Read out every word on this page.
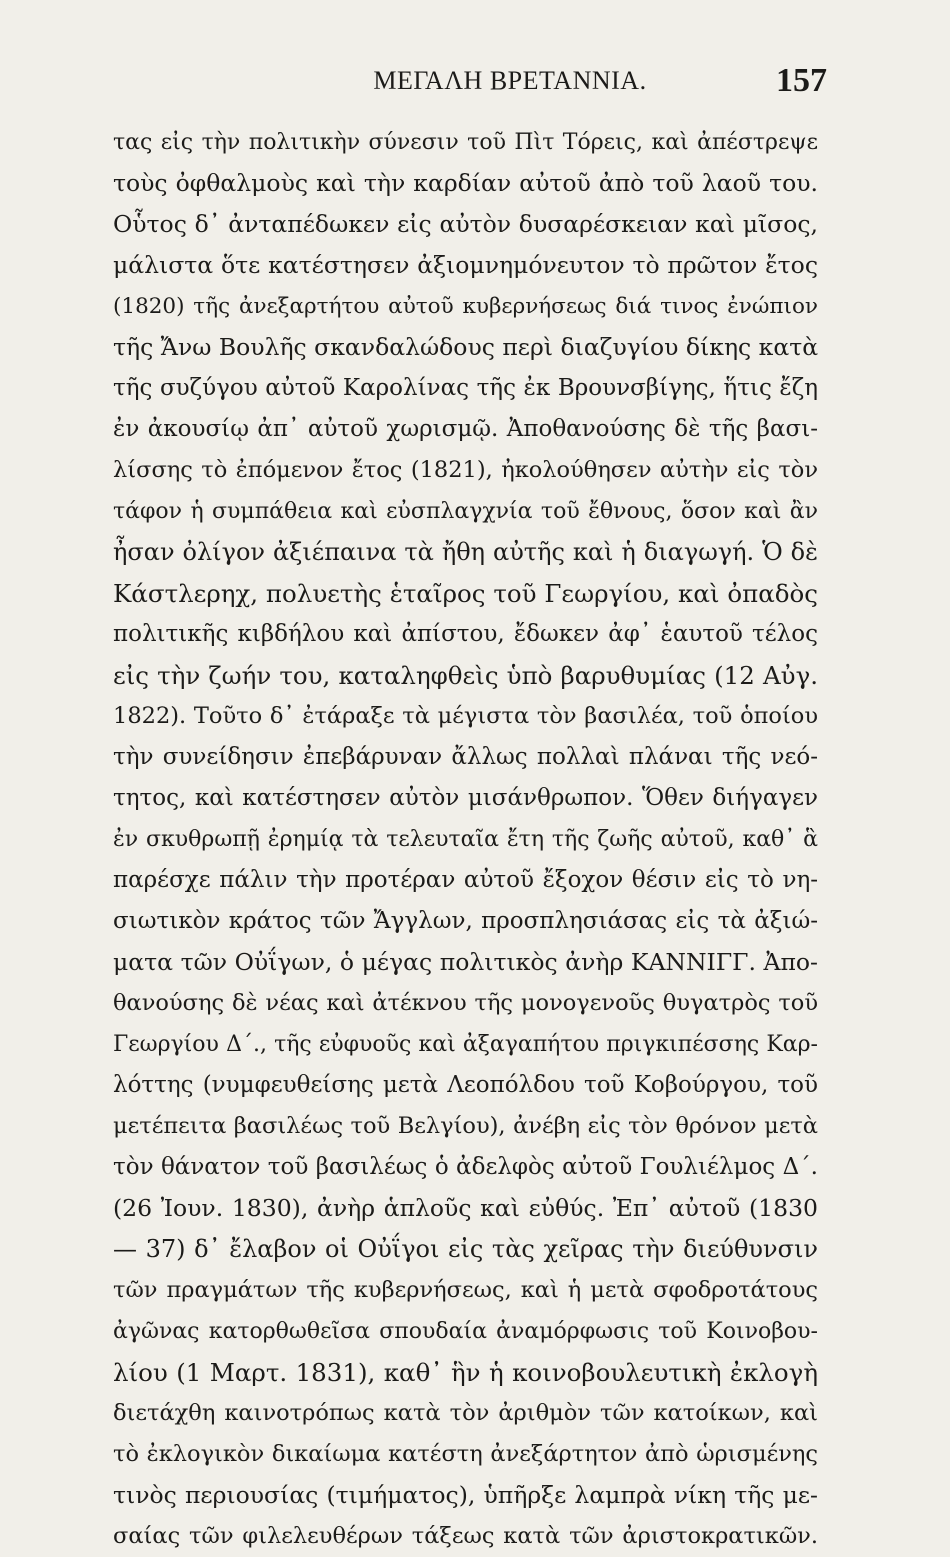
ΜΕΓΑΛΗ ΒΡΕΤΑΝΝΙΑ.	157
τας εἰς τὴν πολιτικὴν σύνεσιν τοῦ Πὶτ Τόρεις, καὶ ἀπέστρεψε
τοὺς ὀφθαλμοὺς καὶ τὴν καρδίαν αὐτοῦ ἀπὸ τοῦ λαοῦ του.
Οὗτος δ᾽ ἀνταπέδωκεν εἰς αὐτὸν δυσαρέσκειαν καὶ μῖσος,
μάλιστα ὅτε κατέστησεν ἀξιομνημόνευτον τὸ πρῶτον ἔτος
(1820) τῆς ἀνεξαρτήτου αὐτοῦ κυβερνήσεως διά τινος ἐνώπιον
τῆς Ἄνω Βουλῆς σκανδαλώδους περὶ διαζυγίου δίκης κατὰ
τῆς συζύγου αὐτοῦ Καρολίνας τῆς ἐκ Βρουνσβίγης, ἥτις ἔζη
ἐν ἀκουσίῳ ἀπ᾽ αὐτοῦ χωρισμῷ. Ἀποθανούσης δὲ τῆς βασι-
λίσσης τὸ ἐπόμενον ἔτος (1821), ἠκολούθησεν αὐτὴν εἰς τὸν
τάφον ἡ συμπάθεια καὶ εὐσπλαγχνία τοῦ ἔθνους, ὅσον καὶ ἂν
ἦσαν ὀλίγον ἀξιέπαινα τὰ ἤθη αὐτῆς καὶ ἡ διαγωγή. Ὁ δὲ
Κάστλερηχ, πολυετὴς ἑταῖρος τοῦ Γεωργίου, καὶ ὀπαδὸς
πολιτικῆς κιβδήλου καὶ ἀπίστου, ἔδωκεν ἀφ᾽ ἑαυτοῦ τέλος
εἰς τὴν ζωήν του, καταληφθεὶς ὑπὸ βαρυθυμίας (12 Αὐγ.
1822). Τοῦτο δ᾽ ἐτάραξε τὰ μέγιστα τὸν βασιλέα, τοῦ ὁποίου
τὴν συνείδησιν ἐπεβάρυναν ἄλλως πολλαὶ πλάναι τῆς νεό-
τητος, καὶ κατέστησεν αὐτὸν μισάνθρωπον. Ὅθεν διήγαγεν
ἐν σκυθρωπῇ ἐρημίᾳ τὰ τελευταῖα ἔτη τῆς ζωῆς αὐτοῦ, καθ᾽ ἃ
παρέσχε πάλιν τὴν προτέραν αὐτοῦ ἔξοχον θέσιν εἰς τὸ νη-
σιωτικὸν κράτος τῶν Ἄγγλων, προσπλησιάσας εἰς τὰ ἀξιώ-
ματα τῶν Οὐΐγων, ὁ μέγας πολιτικὸς ἀνὴρ ΚΑΝΝΙΓΓ. Ἀπο-
θανούσης δὲ νέας καὶ ἀτέκνου τῆς μονογενοῦς θυγατρὸς τοῦ
Γεωργίου Δ΄., τῆς εὐφυοῦς καὶ ἀξαγαπήτου πριγκιπέσσης Καρ-
λόττης (νυμφευθείσης μετὰ Λεοπόλδου τοῦ Κοβούργου, τοῦ
μετέπειτα βασιλέως τοῦ Βελγίου), ἀνέβη εἰς τὸν θρόνον μετὰ
τὸν θάνατον τοῦ βασιλέως ὁ ἀδελφὸς αὐτοῦ Γουλιέλμος Δ΄.
(26 Ἰουν. 1830), ἀνὴρ ἁπλοῦς καὶ εὐθύς. Ἐπ᾽ αὐτοῦ (1830
— 37) δ᾽ ἔλαβον οἱ Οὐΐγοι εἰς τὰς χεῖρας τὴν διεύθυνσιν
τῶν πραγμάτων τῆς κυβερνήσεως, καὶ ἡ μετὰ σφοδροτάτους
ἀγῶνας κατορθωθεῖσα σπουδαία ἀναμόρφωσις τοῦ Κοινοβου-
λίου (1 Μαρτ. 1831), καθ᾽ ἣν ἡ κοινοβουλευτικὴ ἐκλογὴ
διετάχθη καινοτρόπως κατὰ τὸν ἀριθμὸν τῶν κατοίκων, καὶ
τὸ ἐκλογικὸν δικαίωμα κατέστη ἀνεξάρτητον ἀπὸ ὡρισμένης
τινὸς περιουσίας (τιμήματος), ὑπῆρξε λαμπρὰ νίκη τῆς με-
σαίας τῶν φιλελευθέρων τάξεως κατὰ τῶν ἀριστοκρατικῶν.
